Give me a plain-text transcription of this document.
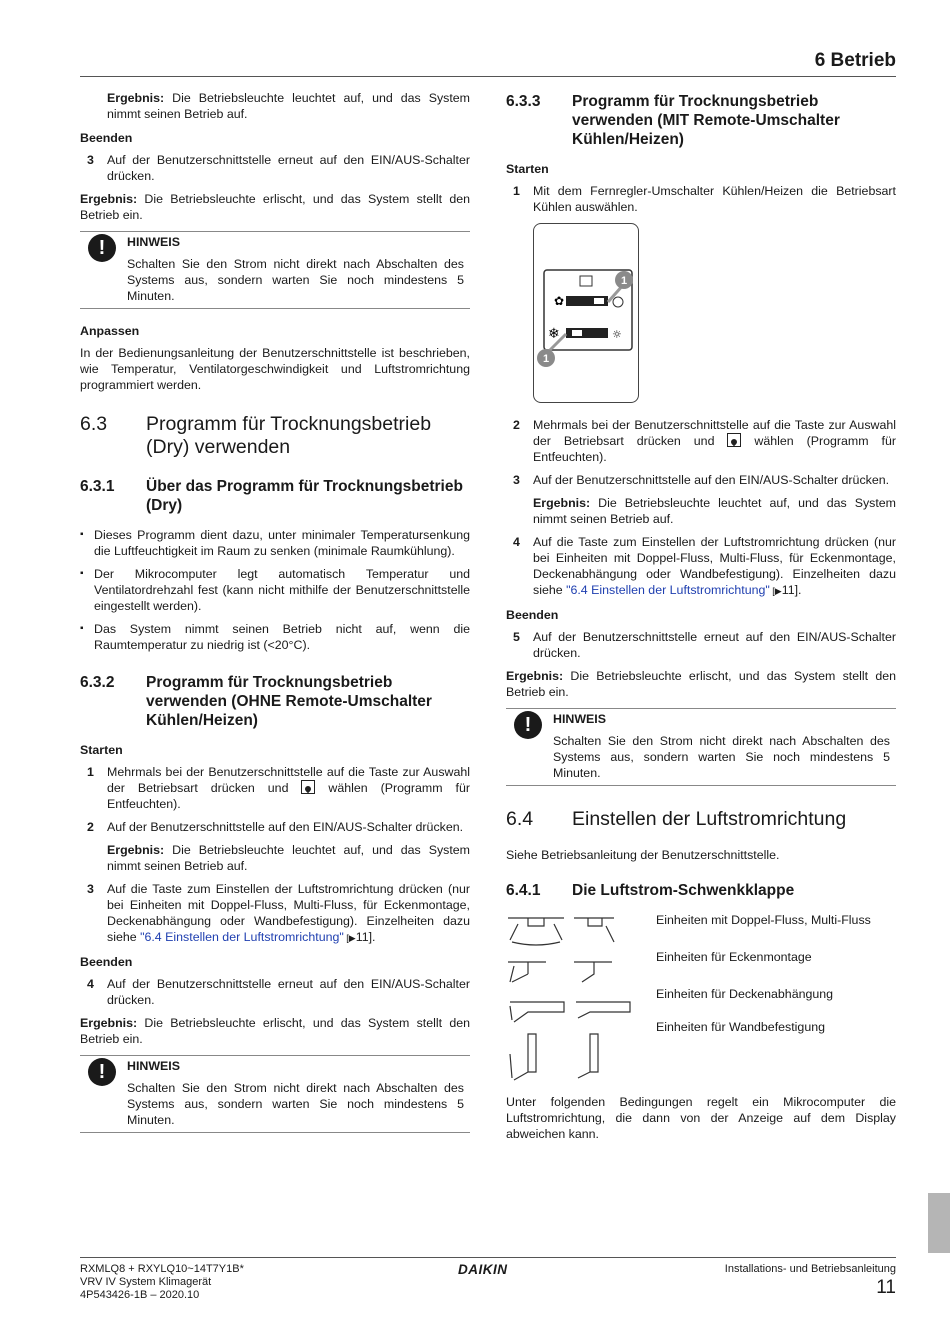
6 Betrieb

Ergebnis: Die Betriebsleuchte leuchtet auf, und das System nimmt seinen Betrieb auf.

Beenden
3	Auf der Benutzerschnittstelle erneut auf den EIN/AUS-Schalter drücken.

Ergebnis: Die Betriebsleuchte erlischt, und das System stellt den Betrieb ein.

!	HINWEIS
Schalten Sie den Strom nicht direkt nach Abschalten des Systems aus, sondern warten Sie noch mindestens 5 Minuten.
Anpassen

In der Bedienungsanleitung der Benutzerschnittstelle ist beschrieben, wie Temperatur, Ventilatorgeschwindigkeit und Luftstromrichtung programmiert werden.

6.3	Programm für Trocknungsbetrieb (Dry) verwenden
6.3.1	Über das Programm für Trocknungsbetrieb (Dry)
▪ Dieses Programm dient dazu, unter minimaler Temperatursenkung die Luftfeuchtigkeit im Raum zu senken (minimale Raumkühlung).
▪ Der Mikrocomputer legt automatisch Temperatur und Ventilatordrehzahl fest (kann nicht mithilfe der Benutzerschnittstelle eingestellt werden).
▪ Das System nimmt seinen Betrieb nicht auf, wenn die Raumtemperatur zu niedrig ist (<20°C).
6.3.2	Programm für Trocknungsbetrieb verwenden (OHNE Remote-Umschalter Kühlen/Heizen)
Starten
1	Mehrmals bei der Benutzerschnittstelle auf die Taste zur Auswahl der Betriebsart drücken und  wählen (Programm für Entfeuchten).
2	Auf der Benutzerschnittstelle auf den EIN/AUS-Schalter drücken.

Ergebnis: Die Betriebsleuchte leuchtet auf, und das System nimmt seinen Betrieb auf.

3	Auf die Taste zum Einstellen der Luftstromrichtung drücken (nur bei Einheiten mit Doppel-Fluss, Multi-Fluss, für Eckenmontage, Deckenabhängung oder Wandbefestigung). Einzelheiten dazu siehe "6.4 Einstellen der Luftstromrichtung" [▶11].
Beenden
4	Auf der Benutzerschnittstelle erneut auf den EIN/AUS-Schalter drücken.

Ergebnis: Die Betriebsleuchte erlischt, und das System stellt den Betrieb ein.

!	HINWEIS
Schalten Sie den Strom nicht direkt nach Abschalten des Systems aus, sondern warten Sie noch mindestens 5 Minuten.
6.3.3	Programm für Trocknungsbetrieb verwenden (MIT Remote-Umschalter Kühlen/Heizen)
Starten
1	Mit dem Fernregler-Umschalter Kühlen/Heizen die Betriebsart Kühlen auswählen.
✿
❄	☼
1
1
2	Mehrmals bei der Benutzerschnittstelle auf die Taste zur Auswahl der Betriebsart drücken und  wählen (Programm für Entfeuchten).
3	Auf der Benutzerschnittstelle auf den EIN/AUS-Schalter drücken.

Ergebnis: Die Betriebsleuchte leuchtet auf, und das System nimmt seinen Betrieb auf.

4	Auf die Taste zum Einstellen der Luftstromrichtung drücken (nur bei Einheiten mit Doppel-Fluss, Multi-Fluss, für Eckenmontage, Deckenabhängung oder Wandbefestigung). Einzelheiten dazu siehe "6.4 Einstellen der Luftstromrichtung" [▶11].
Beenden
5	Auf der Benutzerschnittstelle erneut auf den EIN/AUS-Schalter drücken.

Ergebnis: Die Betriebsleuchte erlischt, und das System stellt den Betrieb ein.

!	HINWEIS
Schalten Sie den Strom nicht direkt nach Abschalten des Systems aus, sondern warten Sie noch mindestens 5 Minuten.
6.4	Einstellen der Luftstromrichtung

Siehe Betriebsanleitung der Benutzerschnittstelle.

6.4.1	Die Luftstrom-Schwenkklappe
Einheiten mit Doppel-Fluss, Multi-Fluss
Einheiten für Eckenmontage
Einheiten für Deckenabhängung
Einheiten für Wandbefestigung

Unter folgenden Bedingungen regelt ein Mikrocomputer die Luftstromrichtung, die dann von der Anzeige auf dem Display abweichen kann.

RXMLQ8 + RXYLQ10~14T7Y1B*
VRV IV System Klimagerät
4P543426-1B – 2020.10
DAIKIN	Installations- und Betriebsanleitung
11
